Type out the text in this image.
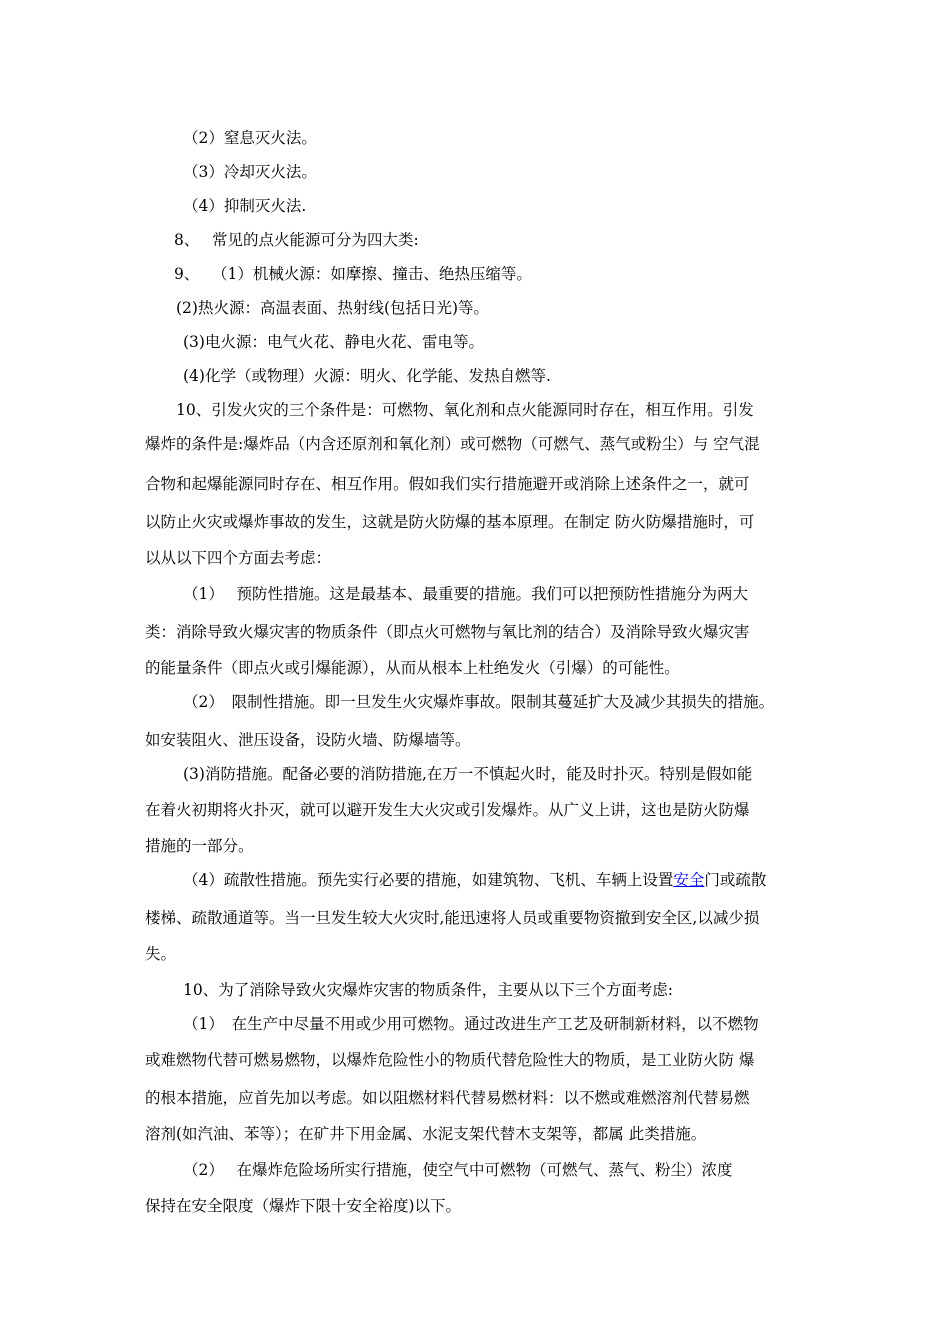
（2）窒息灭火法。
（3）冷却灭火法。
（4）抑制灭火法.
8、　 常见的点火能源可分为四大类:
9、　 （1）机械火源：如摩擦、撞击、绝热压缩等。
(2)热火源：高温表面、热射线(包括日光)等。
(3)电火源：电气火花、静电火花、雷电等。
(4)化学（或物理）火源：明火、化学能、发热自燃等.
10、引发火灾的三个条件是：可燃物、氧化剂和点火能源同时存在，相互作用。引发
爆炸的条件是:爆炸品（内含还原剂和氧化剂）或可燃物（可燃气、蒸气或粉尘）与 空气混
合物和起爆能源同时存在、相互作用。假如我们实行措施避开或消除上述条件之一，就可
以防止火灾或爆炸事故的发生，这就是防火防爆的基本原理。在制定 防火防爆措施时，可
以从以下四个方面去考虑：
（1）　 预防性措施。这是最基本、最重要的措施。我们可以把预防性措施分为两大
类：消除导致火爆灾害的物质条件（即点火可燃物与氧比剂的结合）及消除导致火爆灾害
的能量条件（即点火或引爆能源），从而从根本上杜绝发火（引爆）的可能性。
（2）　限制性措施。即一旦发生火灾爆炸事故。限制其蔓延扩大及减少其损失的措施。
如安装阻火、泄压设备，设防火墙、防爆墙等。
(3)消防措施。配备必要的消防措施,在万一不慎起火时，能及时扑灭。特别是假如能
在着火初期将火扑灭，就可以避开发生大火灾或引发爆炸。从广义上讲，这也是防火防爆
措施的一部分。
（4）疏散性措施。预先实行必要的措施，如建筑物、飞机、车辆上设置安全门或疏散
楼梯、疏散通道等。当一旦发生较大火灾时,能迅速将人员或重要物资撤到安全区,以减少损
失。
10、为了消除导致火灾爆炸灾害的物质条件，主要从以下三个方面考虑:
（1）　在生产中尽量不用或少用可燃物。通过改进生产工艺及研制新材料，以不燃物
或难燃物代替可燃易燃物，以爆炸危险性小的物质代替危险性大的物质，是工业防火防 爆
的根本措施，应首先加以考虑。如以阻燃材料代替易燃材料：以不燃或难燃溶剂代替易燃
溶剂(如汽油、苯等）；在矿井下用金属、水泥支架代替木支架等，都属 此类措施。
（2）　 在爆炸危险场所实行措施，使空气中可燃物（可燃气、蒸气、粉尘）浓度
保持在安全限度（爆炸下限十安全裕度)以下。
